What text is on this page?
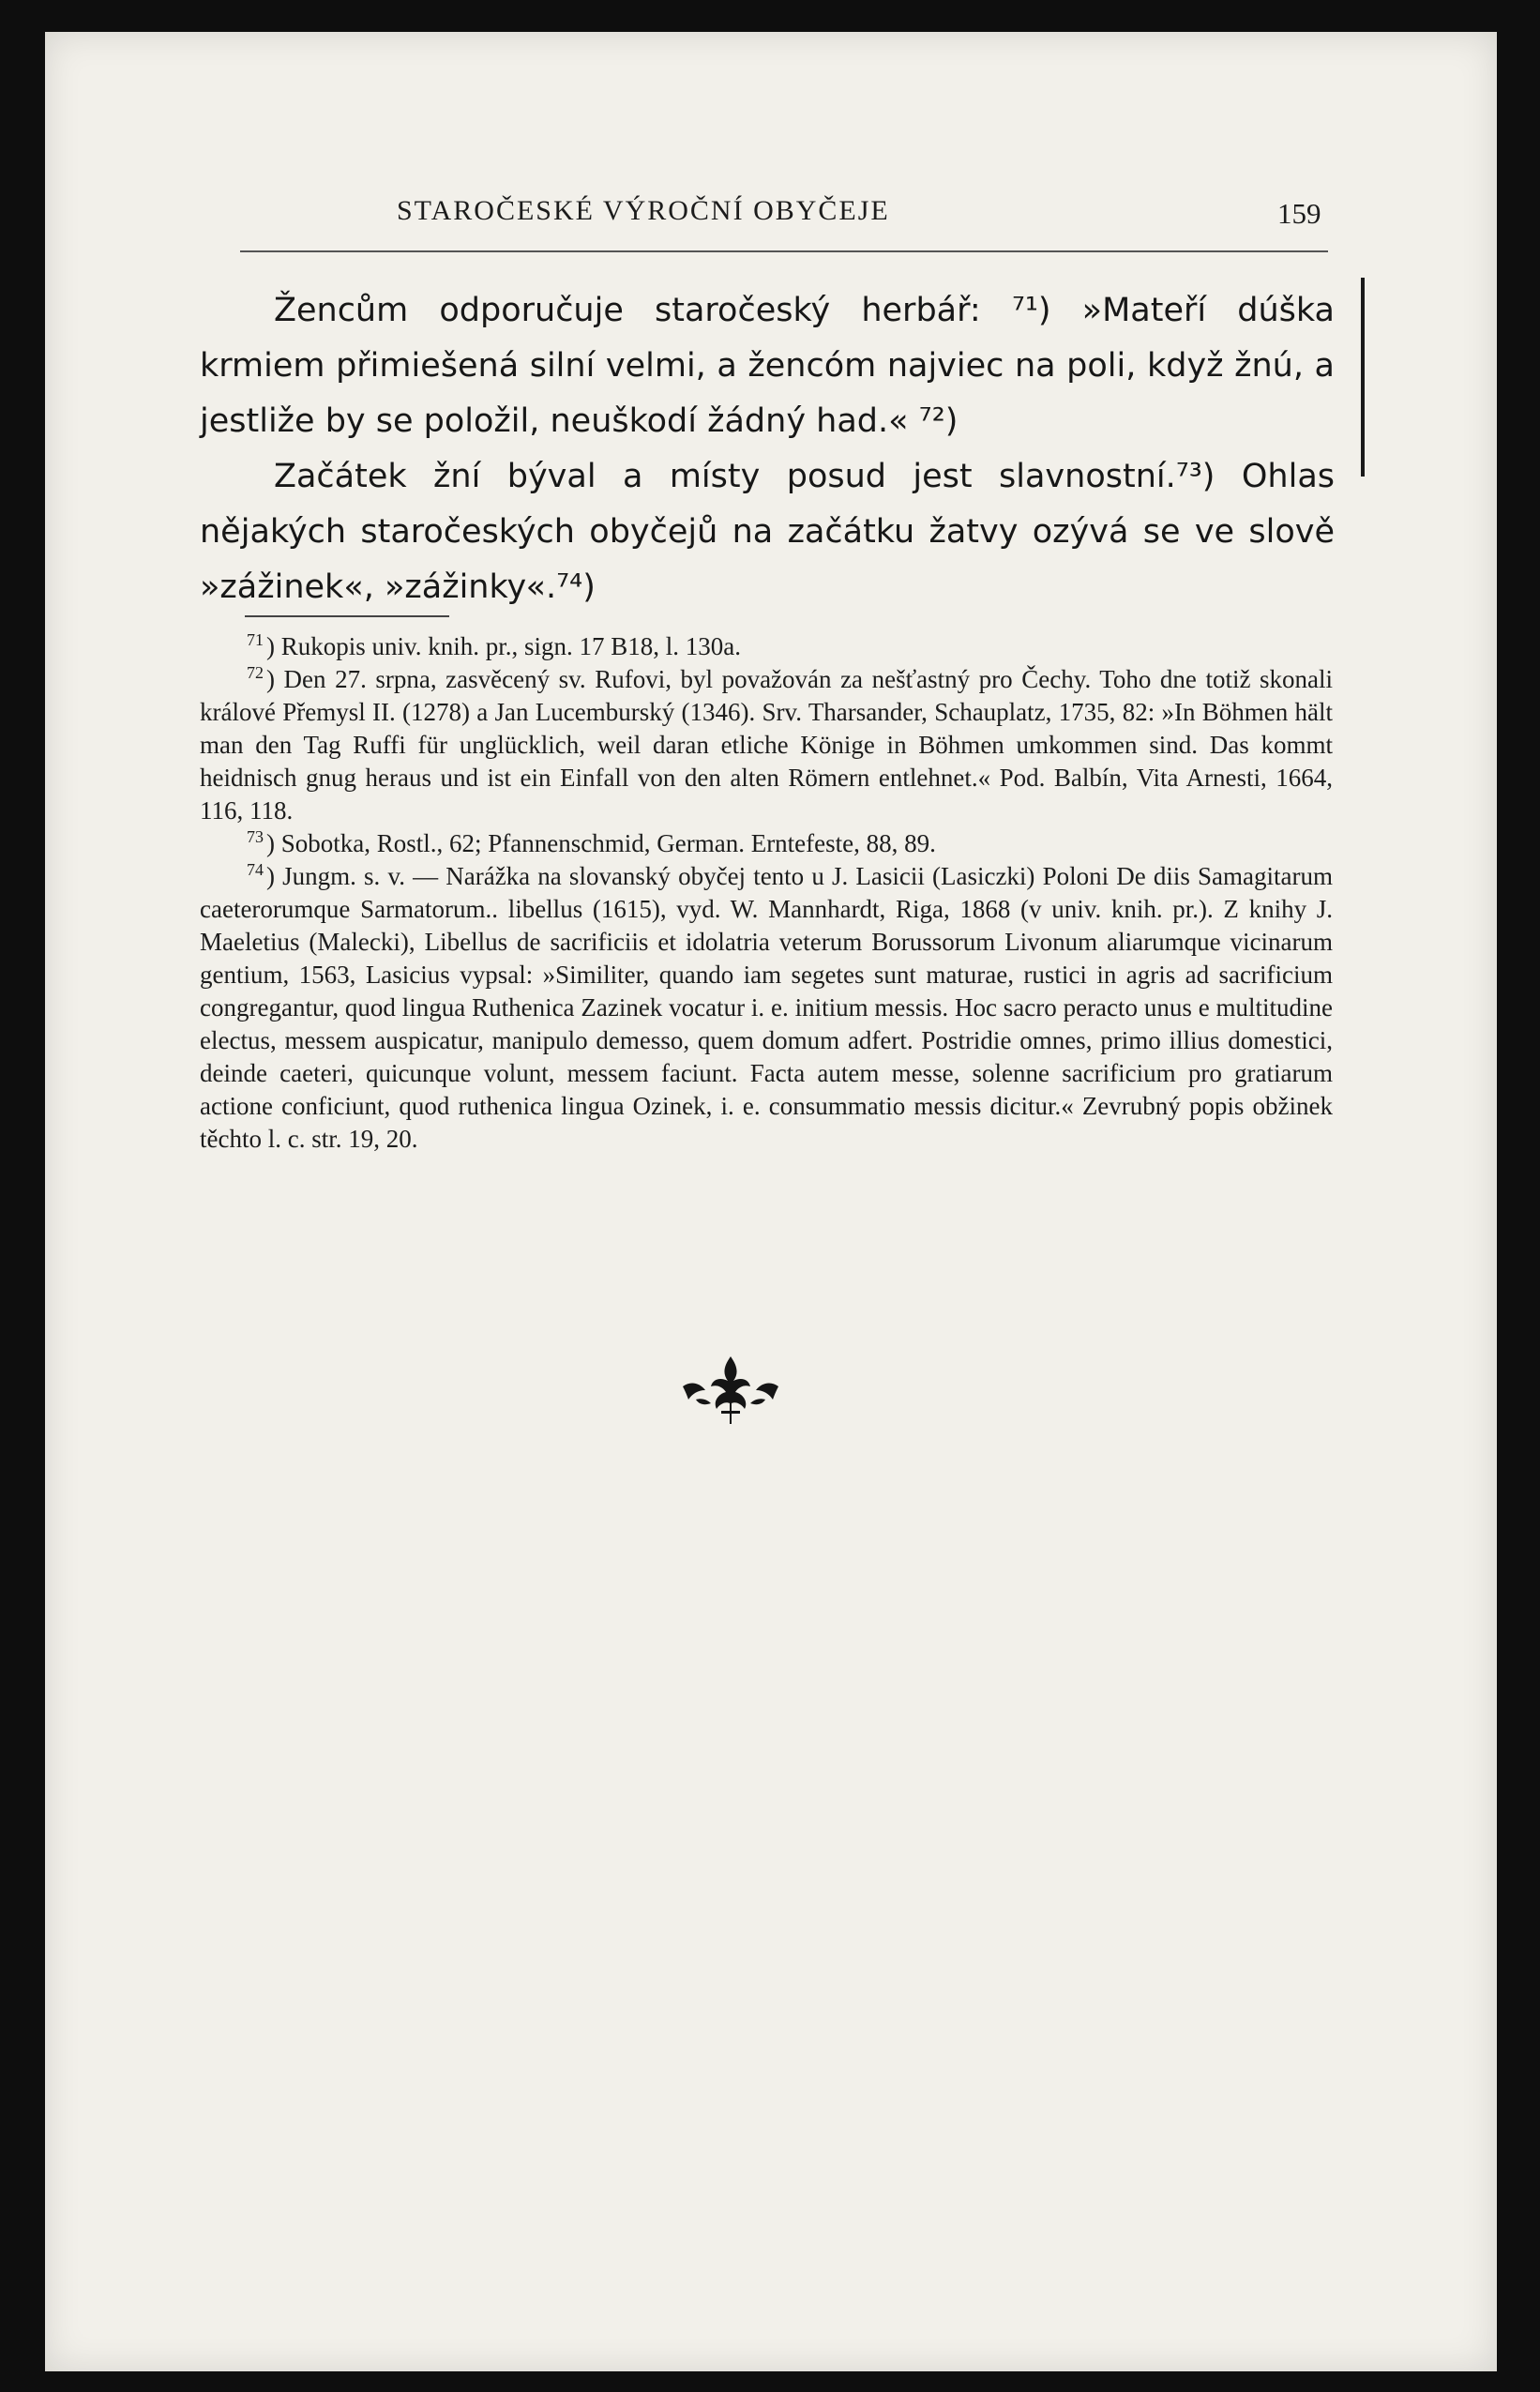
STAROČESKÉ VÝROČNÍ OBYČEJE	159

Žencům odporučuje staročeský herbář: ⁷¹) »Mateří dúška krmiem přimiešená silní velmi, a žencóm najviec na poli, když žnú, a jestliže by se položil, neuškodí žádný had.« ⁷²)

Začátek žní býval a místy posud jest slavnostní.⁷³) Ohlas nějakých staročeských obyčejů na začátku žatvy ozývá se ve slově »zážinek«, »zážinky«.⁷⁴)

$^{71}$ ) Rukopis univ. knih. pr., sign. 17 B18, l. 130a.

$^{72}$ ) Den 27. srpna, zasvěcený sv. Rufovi, byl považován za nešťastný pro Čechy. Toho dne totiž skonali králové Přemysl II. (1278) a Jan Lucemburský (1346). Srv. Tharsander, Schauplatz, 1735, 82: »In Böhmen hält man den Tag Ruffi für unglücklich, weil daran etliche Könige in Böhmen umkommen sind. Das kommt heidnisch gnug heraus und ist ein Einfall von den alten Römern entlehnet.« Pod. Balbín, Vita Arnesti, 1664, 116, 118.

$^{73}$ ) Sobotka, Rostl., 62; Pfannenschmid, German. Erntefeste, 88, 89.

$^{74}$ ) Jungm. s. v. — Narážka na slovanský obyčej tento u J. Lasicii (Lasiczki) Poloni De diis Samagitarum caeterorumque Sarmatorum.. libellus (1615), vyd. W. Mannhardt, Riga, 1868 (v univ. knih. pr.). Z knihy J. Maeletius (Malecki), Libellus de sacrificiis et idolatria veterum Borussorum Livonum aliarumque vicinarum gentium, 1563, Lasicius vypsal: »Similiter, quando iam segetes sunt maturae, rustici in agris ad sacrificium congregantur, quod lingua Ruthenica Zazinek vocatur i. e. initium messis. Hoc sacro peracto unus e multitudine electus, messem auspicatur, manipulo demesso, quem domum adfert. Postridie omnes, primo illius domestici, deinde caeteri, quicunque volunt, messem faciunt. Facta autem messe, solenne sacrificium pro gratiarum actione conficiunt, quod ruthenica lingua Ozinek, i. e. consummatio messis dicitur.« Zevrubný popis obžinek těchto l. c. str. 19, 20.
